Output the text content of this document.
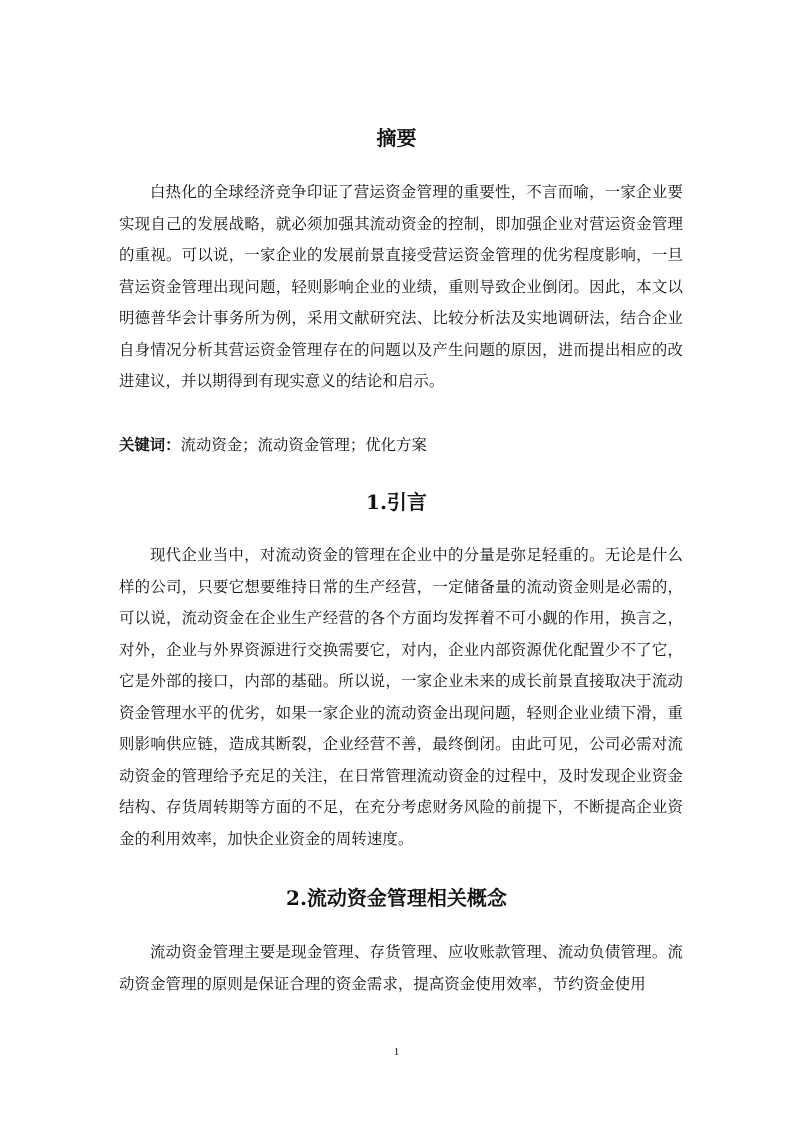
摘要

白热化的全球经济竞争印证了营运资金管理的重要性，不言而喻，一家企业要实现自己的发展战略，就必须加强其流动资金的控制，即加强企业对营运资金管理的重视。可以说，一家企业的发展前景直接受营运资金管理的优劣程度影响，一旦营运资金管理出现问题，轻则影响企业的业绩，重则导致企业倒闭。因此，本文以明德普华会计事务所为例，采用文献研究法、比较分析法及实地调研法，结合企业自身情况分析其营运资金管理存在的问题以及产生问题的原因，进而提出相应的改进建议，并以期得到有现实意义的结论和启示。

关键词：流动资金；流动资金管理；优化方案

1.引言

现代企业当中，对流动资金的管理在企业中的分量是弥足轻重的。无论是什么样的公司，只要它想要维持日常的生产经营，一定储备量的流动资金则是必需的，可以说，流动资金在企业生产经营的各个方面均发挥着不可小觑的作用，换言之，对外，企业与外界资源进行交换需要它，对内，企业内部资源优化配置少不了它，它是外部的接口，内部的基础。所以说，一家企业未来的成长前景直接取决于流动资金管理水平的优劣，如果一家企业的流动资金出现问题，轻则企业业绩下滑，重则影响供应链，造成其断裂，企业经营不善，最终倒闭。由此可见，公司必需对流动资金的管理给予充足的关注，在日常管理流动资金的过程中，及时发现企业资金结构、存货周转期等方面的不足，在充分考虑财务风险的前提下，不断提高企业资金的利用效率，加快企业资金的周转速度。

2.流动资金管理相关概念

流动资金管理主要是现金管理、存货管理、应收账款管理、流动负债管理。流动资金管理的原则是保证合理的资金需求，提高资金使用效率，节约资金使用

1
